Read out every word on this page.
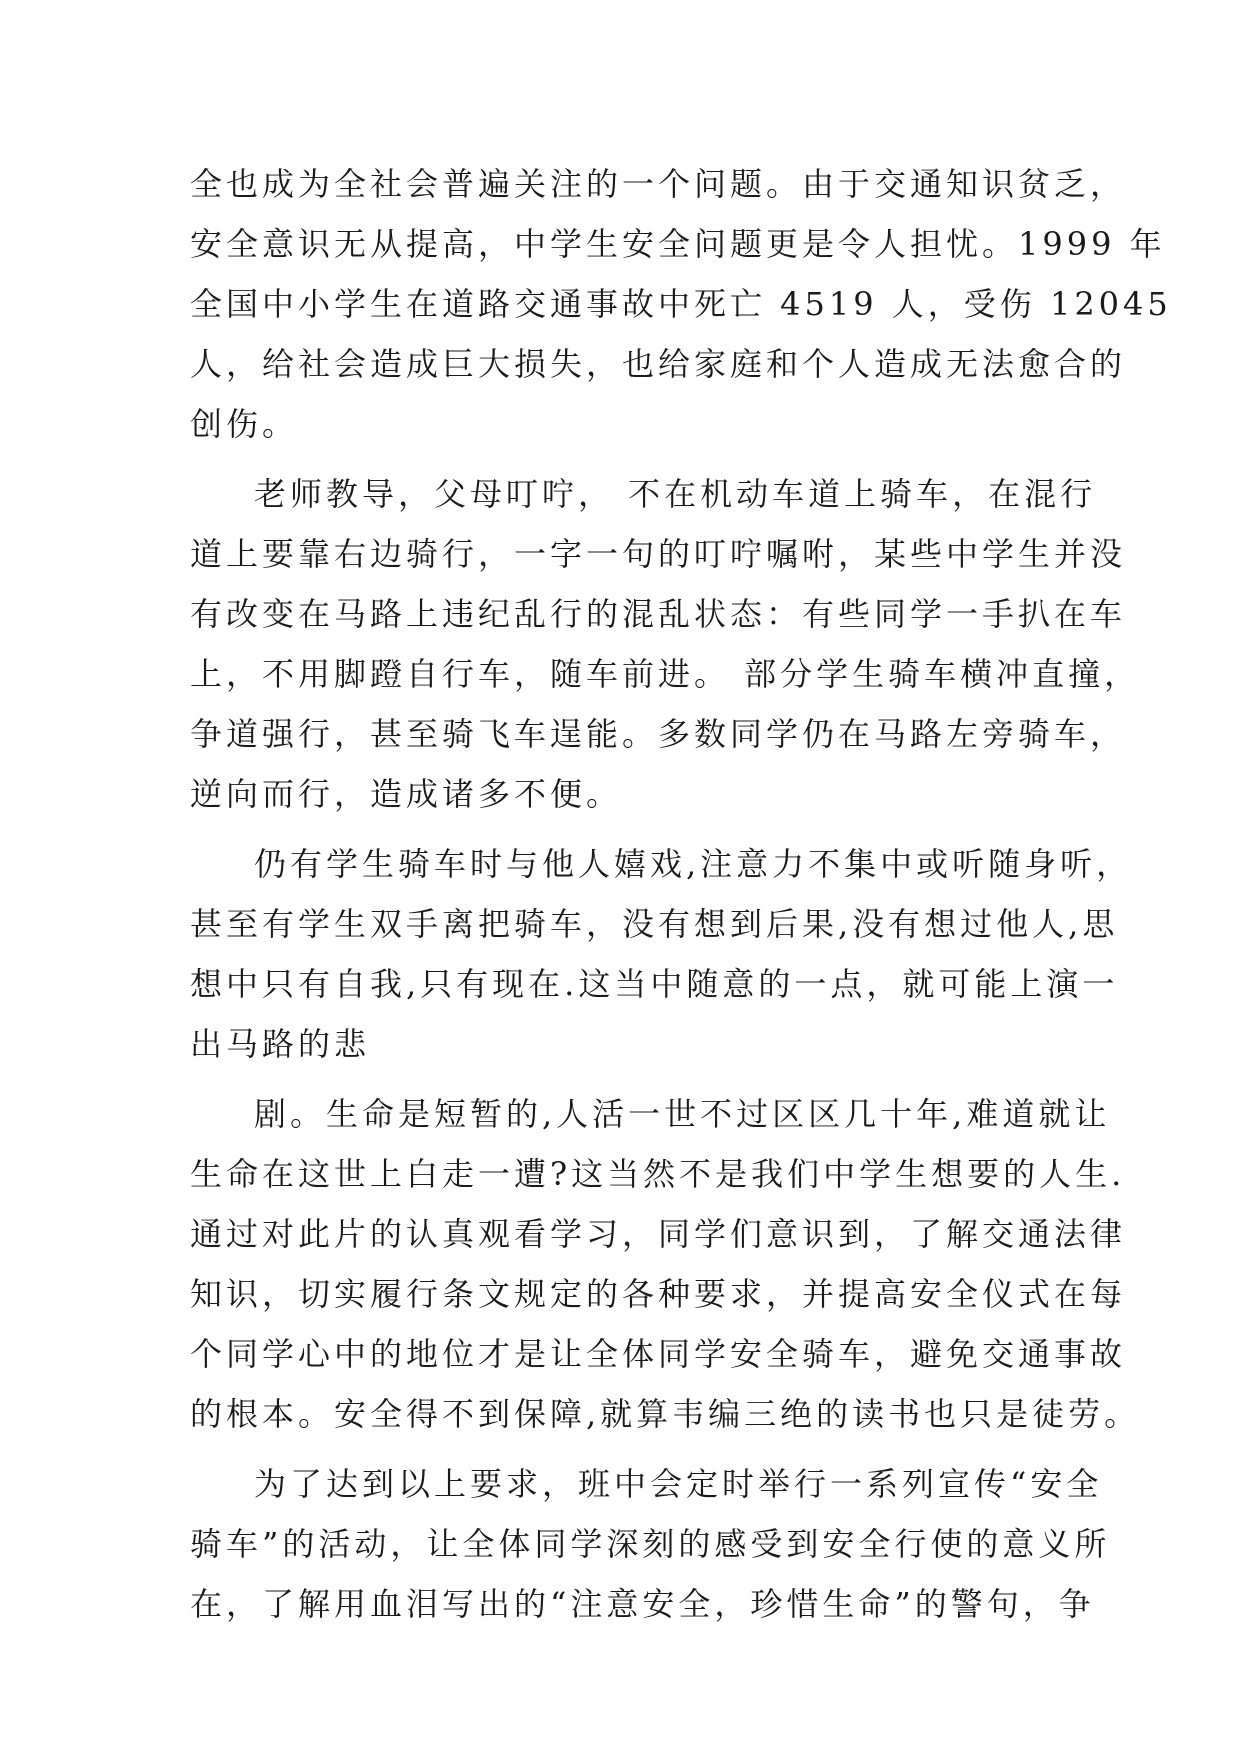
全也成为全社会普遍关注的一个问题。由于交通知识贫乏，
安全意识无从提高，中学生安全问题更是令人担忧。1999 年
全国中小学生在道路交通事故中死亡 4519 人，受伤 12045
人，给社会造成巨大损失，也给家庭和个人造成无法愈合的
创伤。
老师教导，父母叮咛， 不在机动车道上骑车，在混行
道上要靠右边骑行，一字一句的叮咛嘱咐，某些中学生并没
有改变在马路上违纪乱行的混乱状态：有些同学一手扒在车
上，不用脚蹬自行车，随车前进。 部分学生骑车横冲直撞，
争道强行，甚至骑飞车逞能。多数同学仍在马路左旁骑车，
逆向而行，造成诸多不便。
仍有学生骑车时与他人嬉戏,注意力不集中或听随身听，
甚至有学生双手离把骑车，没有想到后果,没有想过他人,思
想中只有自我,只有现在.这当中随意的一点，就可能上演一
出马路的悲
剧。生命是短暂的,人活一世不过区区几十年,难道就让
生命在这世上白走一遭?这当然不是我们中学生想要的人生.
通过对此片的认真观看学习，同学们意识到，了解交通法律
知识，切实履行条文规定的各种要求，并提高安全仪式在每
个同学心中的地位才是让全体同学安全骑车，避免交通事故
的根本。安全得不到保障,就算韦编三绝的读书也只是徒劳。
为了达到以上要求，班中会定时举行一系列宣传“安全
骑车”的活动，让全体同学深刻的感受到安全行使的意义所
在，了解用血泪写出的“注意安全，珍惜生命”的警句，争
